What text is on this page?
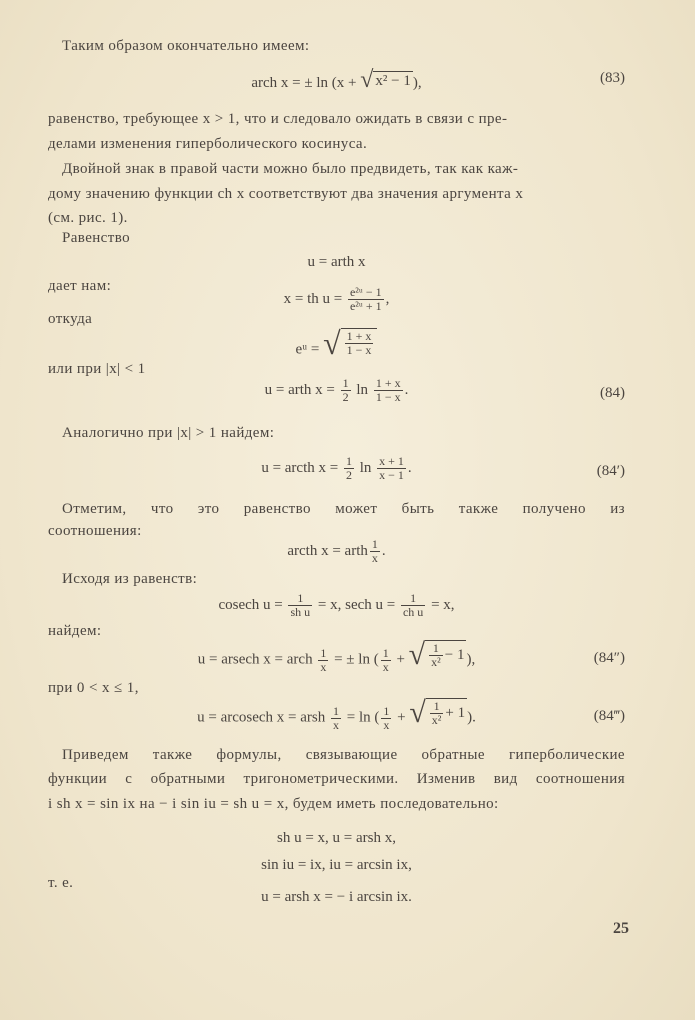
Таким образом окончательно имеем:
arch x = ± ln (x + √ x² − 1 ),	(83)
равенство, требующее x > 1, что и следовало ожидать в связи с пре-
делами изменения гиперболического косинуса.
Двойной знак в правой части можно было предвидеть, так как каж-
дому значению функции ch x соответствуют два значения аргумента x
(см. рис. 1).
Равенство
u = arth x
дает нам:
x = th $u = \frac{\text{e²ᵘ − 1}}{\text{e²ᵘ + 1}}$ ,
откуда
eᵘ = √ $\frac{1 + x}{1 - x}$
или при |x| < 1
u = arth $x = \frac{1}{2}$ $\ln \frac{1 + x}{1 - x}$ .	(84)
Аналогично при |x| > 1 найдем:
u = arcth $x = \frac{1}{2}$ $\ln \frac{x + 1}{x - 1}$ .	(84′)
Отметим, что это равенство может быть также получено из
соотношения:
arcth x = arth $\frac{1}{x}$ .
Исходя из равенств:
cosech $u = \frac{1}{\text{sh u}} = x$, sech $u = \frac{1}{\text{ch u}} = x$,
найдем:
u = arsech x = arch $\frac{1}{x}$ = ± ln ( $\frac{1}{x}$ + √ $\frac{1}{\text{x²}} - 1$ ),	(84″)
при 0 < x ≤ 1,
u = arcosech x = arsh $\frac{1}{x} = \ln$ ( $\frac{1}{x}$ + √ $\frac{1}{\text{x²}} + 1$ ).	(84‴)
Приведем также формулы, связывающие обратные гиперболические
функции с обратными тригонометрическими. Изменив вид соотношения
i sh x = sin ix на − i sin iu = sh u = x, будем иметь последовательно:
sh u = x, u = arsh x,
sin iu = ix, iu = arcsin ix,
т. е.
u = arsh x = − i arcsin ix.
25
